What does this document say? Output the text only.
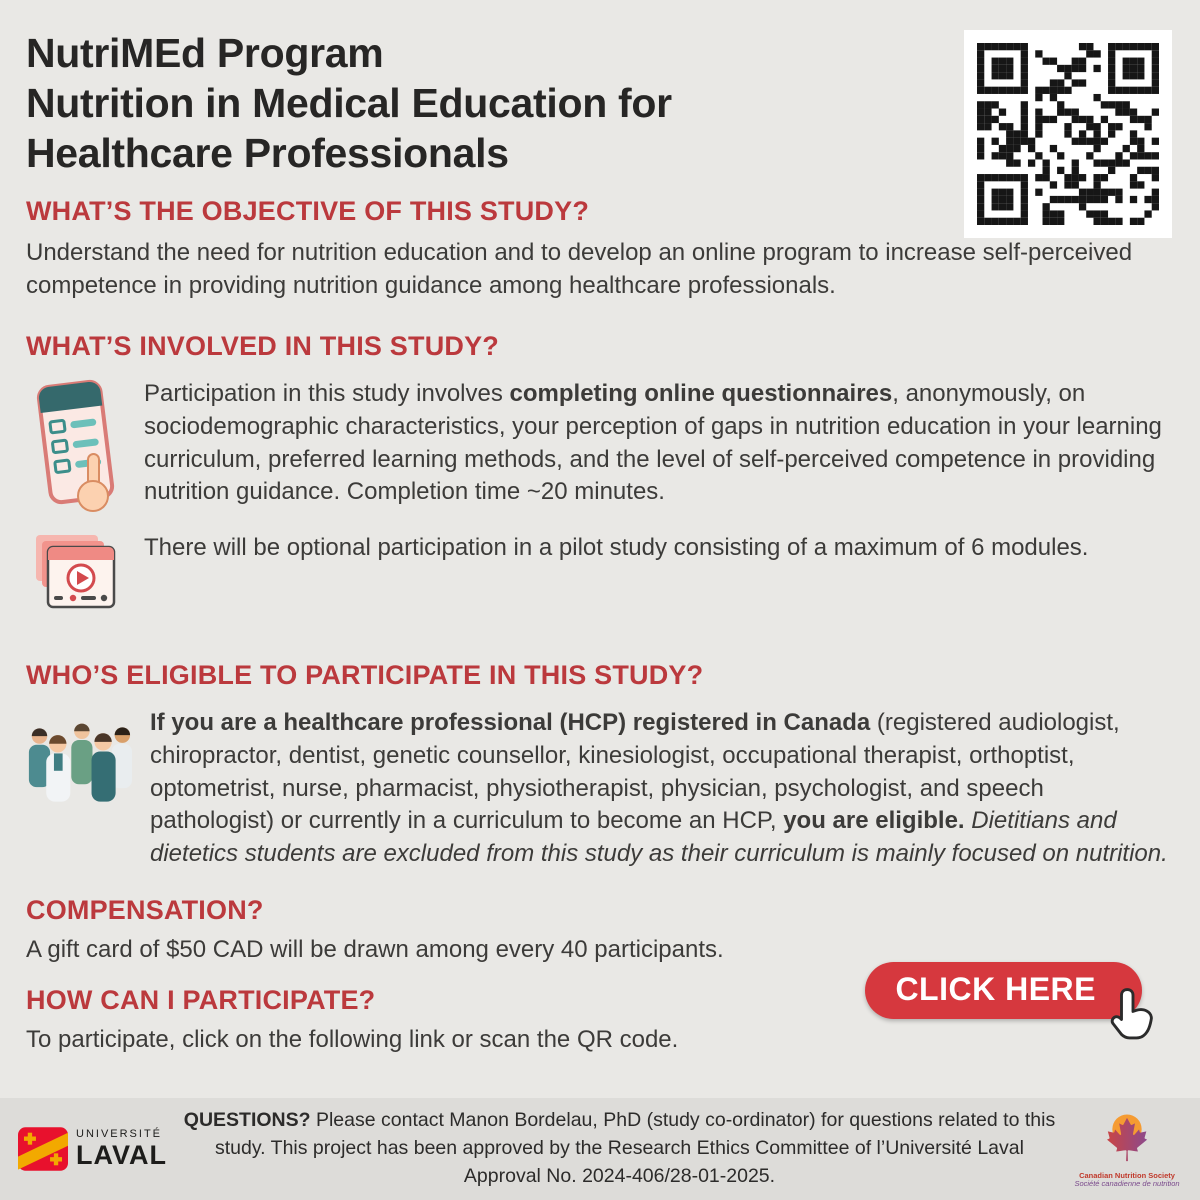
NutriMEd Program
Nutrition in Medical Education for
Healthcare Professionals
WHAT’S THE OBJECTIVE OF THIS STUDY?

Understand the need for nutrition education and to develop an online program to increase self-perceived competence in providing nutrition guidance among healthcare professionals.

WHAT’S INVOLVED IN THIS STUDY?

Participation in this study involves completing online questionnaires, anonymously, on sociodemographic characteristics, your perception of gaps in nutrition education in your learning curriculum, preferred learning methods, and the level of self-perceived competence in providing nutrition guidance. Completion time ~20 minutes.

There will be optional participation in a pilot study consisting of a maximum of 6 modules.

WHO’S ELIGIBLE TO PARTICIPATE IN THIS STUDY?

If you are a healthcare professional (HCP) registered in Canada (registered audiologist, chiropractor, dentist, genetic counsellor, kinesiologist, occupational therapist, orthoptist, optometrist, nurse, pharmacist, physiotherapist, physician, psychologist, and speech pathologist) or currently in a curriculum to become an HCP, you are eligible. Dietitians and dietetics students are excluded from this study as their curriculum is mainly focused on nutrition.

COMPENSATION?

A gift card of $50 CAD will be drawn among every 40 participants.

HOW CAN I PARTICIPATE?

To participate, click on the following link or scan the QR code.

CLICK HERE
UNIVERSITÉ
LAVAL

QUESTIONS? Please contact Manon Bordelau, PhD (study co-ordinator) for questions related to this study. This project has been approved by the Research Ethics Committee of l’Université Laval Approval No. 2024-406/28-01-2025.	Canadian Nutrition Society
Société canadienne de nutrition
